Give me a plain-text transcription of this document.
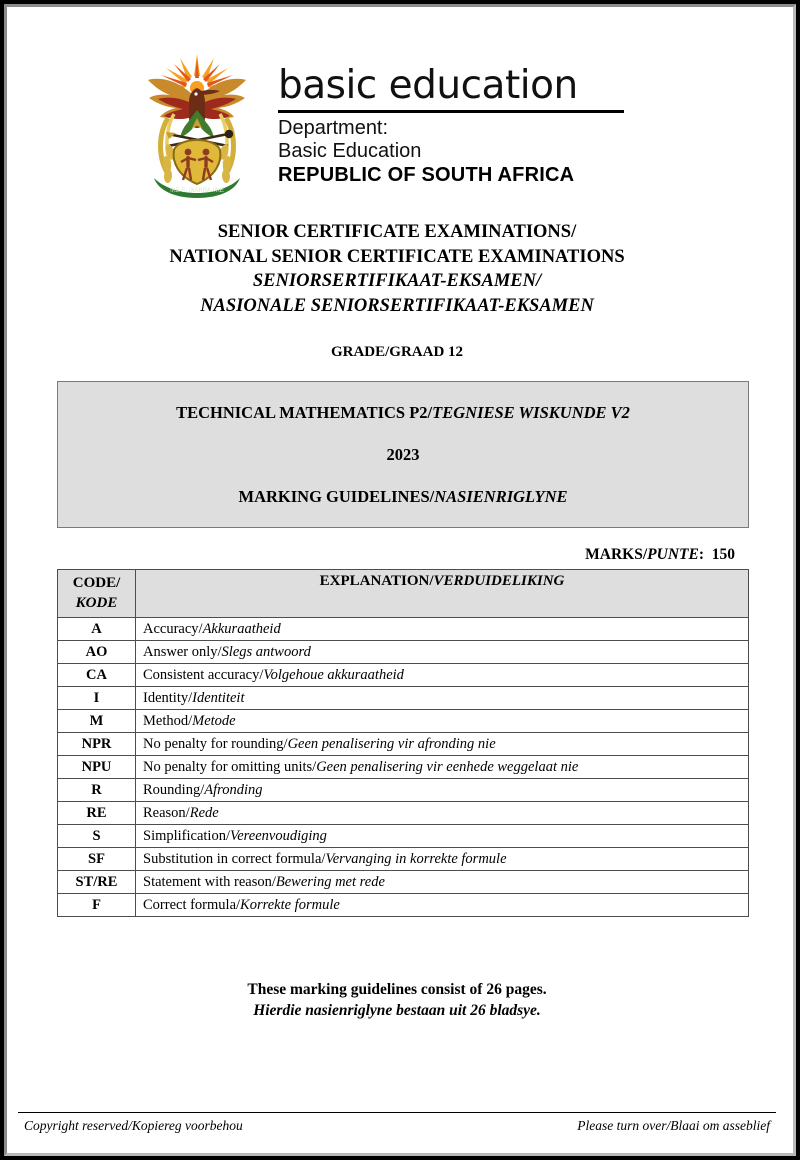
!KE E: /XARRA //KE
basic education
Department:
Basic Education
REPUBLIC OF SOUTH AFRICA
SENIOR CERTIFICATE EXAMINATIONS/
NATIONAL SENIOR CERTIFICATE EXAMINATIONS
SENIORSERTIFIKAAT-EKSAMEN/
NASIONALE SENIORSERTIFIKAAT-EKSAMEN
GRADE/GRAAD 12
TECHNICAL MATHEMATICS P2/TEGNIESE WISKUNDE V2
2023
MARKING GUIDELINES/NASIENRIGLYNE
MARKS/PUNTE: 150
CODE/
KODE	EXPLANATION/VERDUIDELIKING
A	Accuracy/Akkuraatheid
AO	Answer only/Slegs antwoord
CA	Consistent accuracy/Volgehoue akkuraatheid
I	Identity/Identiteit
M	Method/Metode
NPR	No penalty for rounding/Geen penalisering vir afronding nie
NPU	No penalty for omitting units/Geen penalisering vir eenhede weggelaat nie
R	Rounding/Afronding
RE	Reason/Rede
S	Simplification/Vereenvoudiging
SF	Substitution in correct formula/Vervanging in korrekte formule
ST/RE	Statement with reason/Bewering met rede
F	Correct formula/Korrekte formule
These marking guidelines consist of 26 pages.
Hierdie nasienriglyne bestaan uit 26 bladsye.
Copyright reserved/Kopiereg voorbehou	Please turn over/Blaai om asseblief
